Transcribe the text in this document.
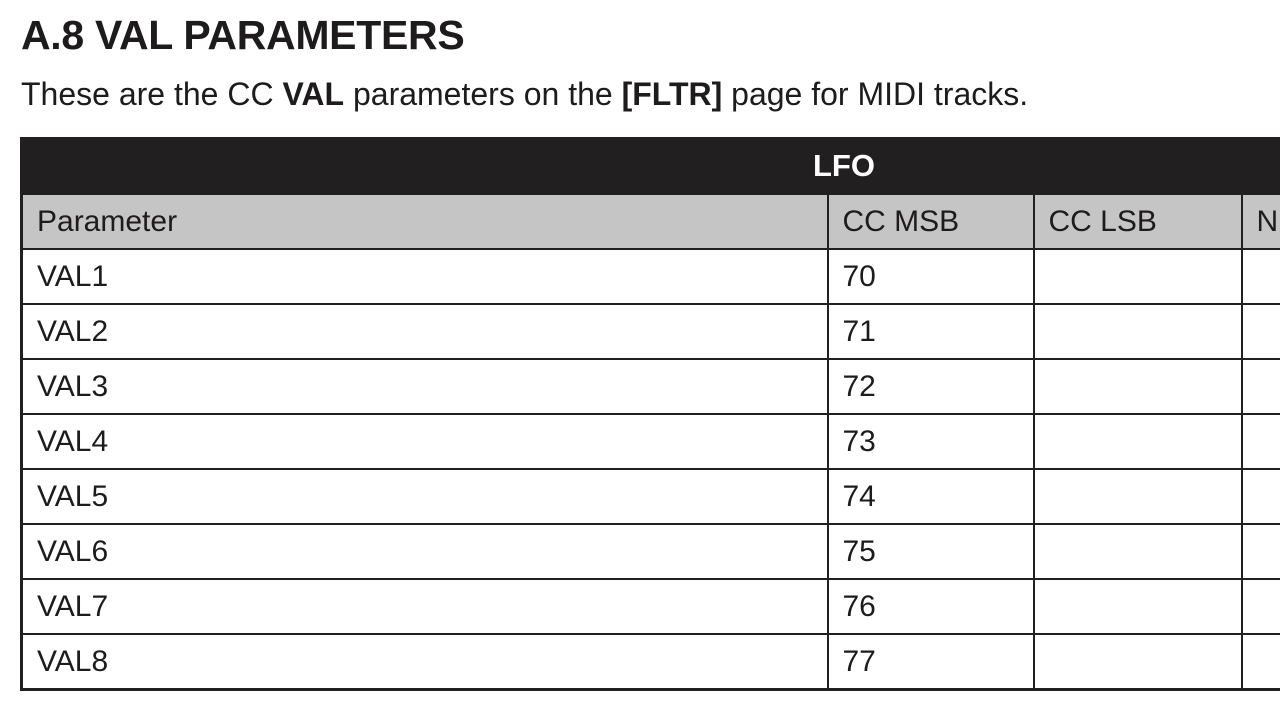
A.8 VAL PARAMETERS

These are the CC VAL parameters on the [FLTR] page for MIDI tracks.

LFO			
Parameter	CC MSB	CC LSB	N
VAL1	70		
VAL2	71		
VAL3	72		
VAL4	73		
VAL5	74		
VAL6	75		
VAL7	76		
VAL8	77		
